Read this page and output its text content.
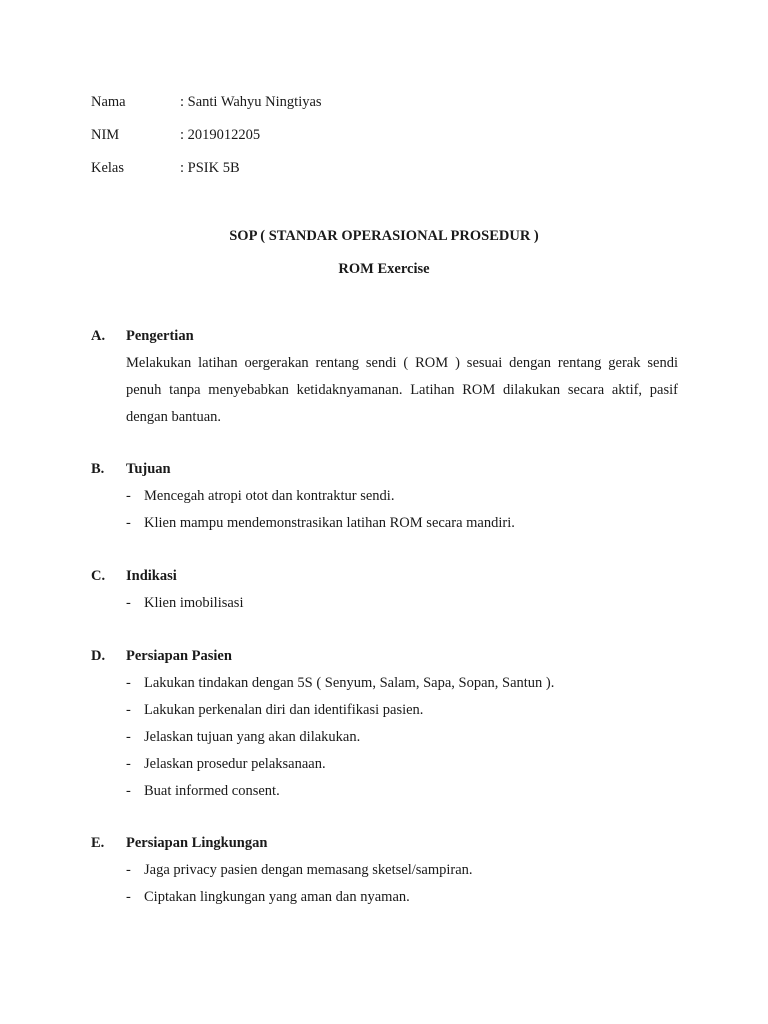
Nama	: Santi Wahyu Ningtiyas
NIM	: 2019012205
Kelas	: PSIK 5B
SOP ( STANDAR OPERASIONAL PROSEDUR )
ROM Exercise
A. Pengertian
Melakukan latihan oergerakan rentang sendi ( ROM ) sesuai dengan rentang gerak sendi
penuh tanpa menyebabkan ketidaknyamanan. Latihan ROM dilakukan secara aktif, pasif
dengan bantuan.
B. Tujuan
- Mencegah atropi otot dan kontraktur sendi.
- Klien mampu mendemonstrasikan latihan ROM secara mandiri.
C. Indikasi
- Klien imobilisasi
D. Persiapan Pasien
- Lakukan tindakan dengan 5S ( Senyum, Salam, Sapa, Sopan, Santun ).
- Lakukan perkenalan diri dan identifikasi pasien.
- Jelaskan tujuan yang akan dilakukan.
- Jelaskan prosedur pelaksanaan.
- Buat informed consent.
E. Persiapan Lingkungan
- Jaga privacy pasien dengan memasang sketsel/sampiran.
- Ciptakan lingkungan yang aman dan nyaman.
